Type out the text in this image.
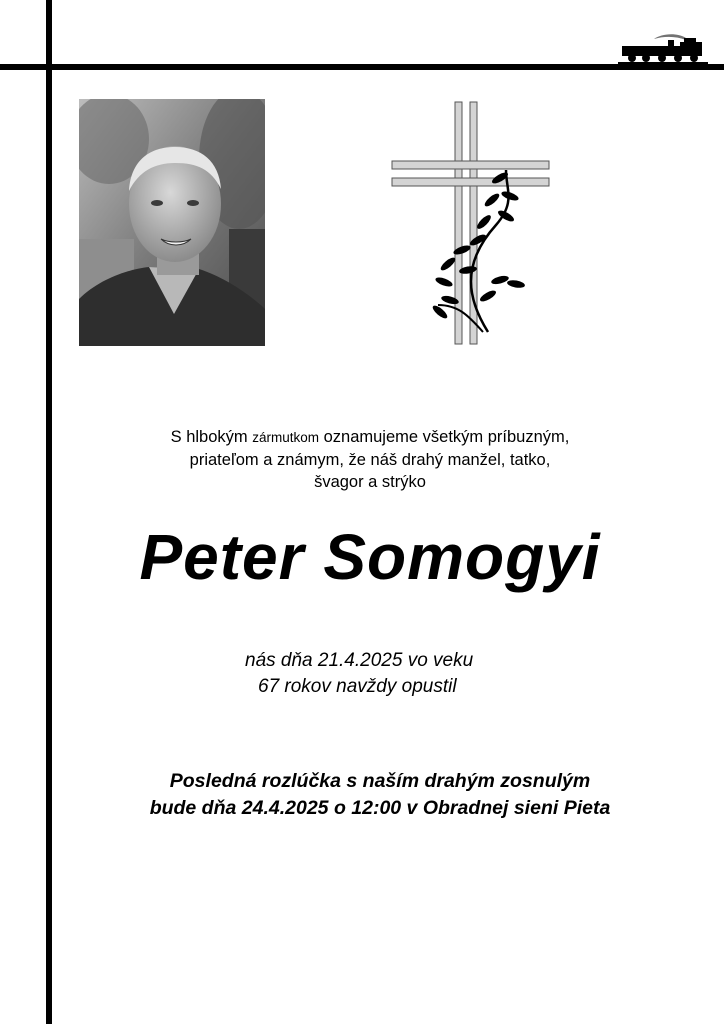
S hlbokým zármutkom oznamujeme všetkým príbuzným,
priateľom a známym, že náš drahý manžel, tatko,
švagor a strýko
Peter Somogyi
nás dňa 21.4.2025 vo veku
67 rokov navždy opustil
Posledná rozlúčka s naším drahým zosnulým
bude dňa 24.4.2025 o 12:00 v Obradnej sieni Pieta
